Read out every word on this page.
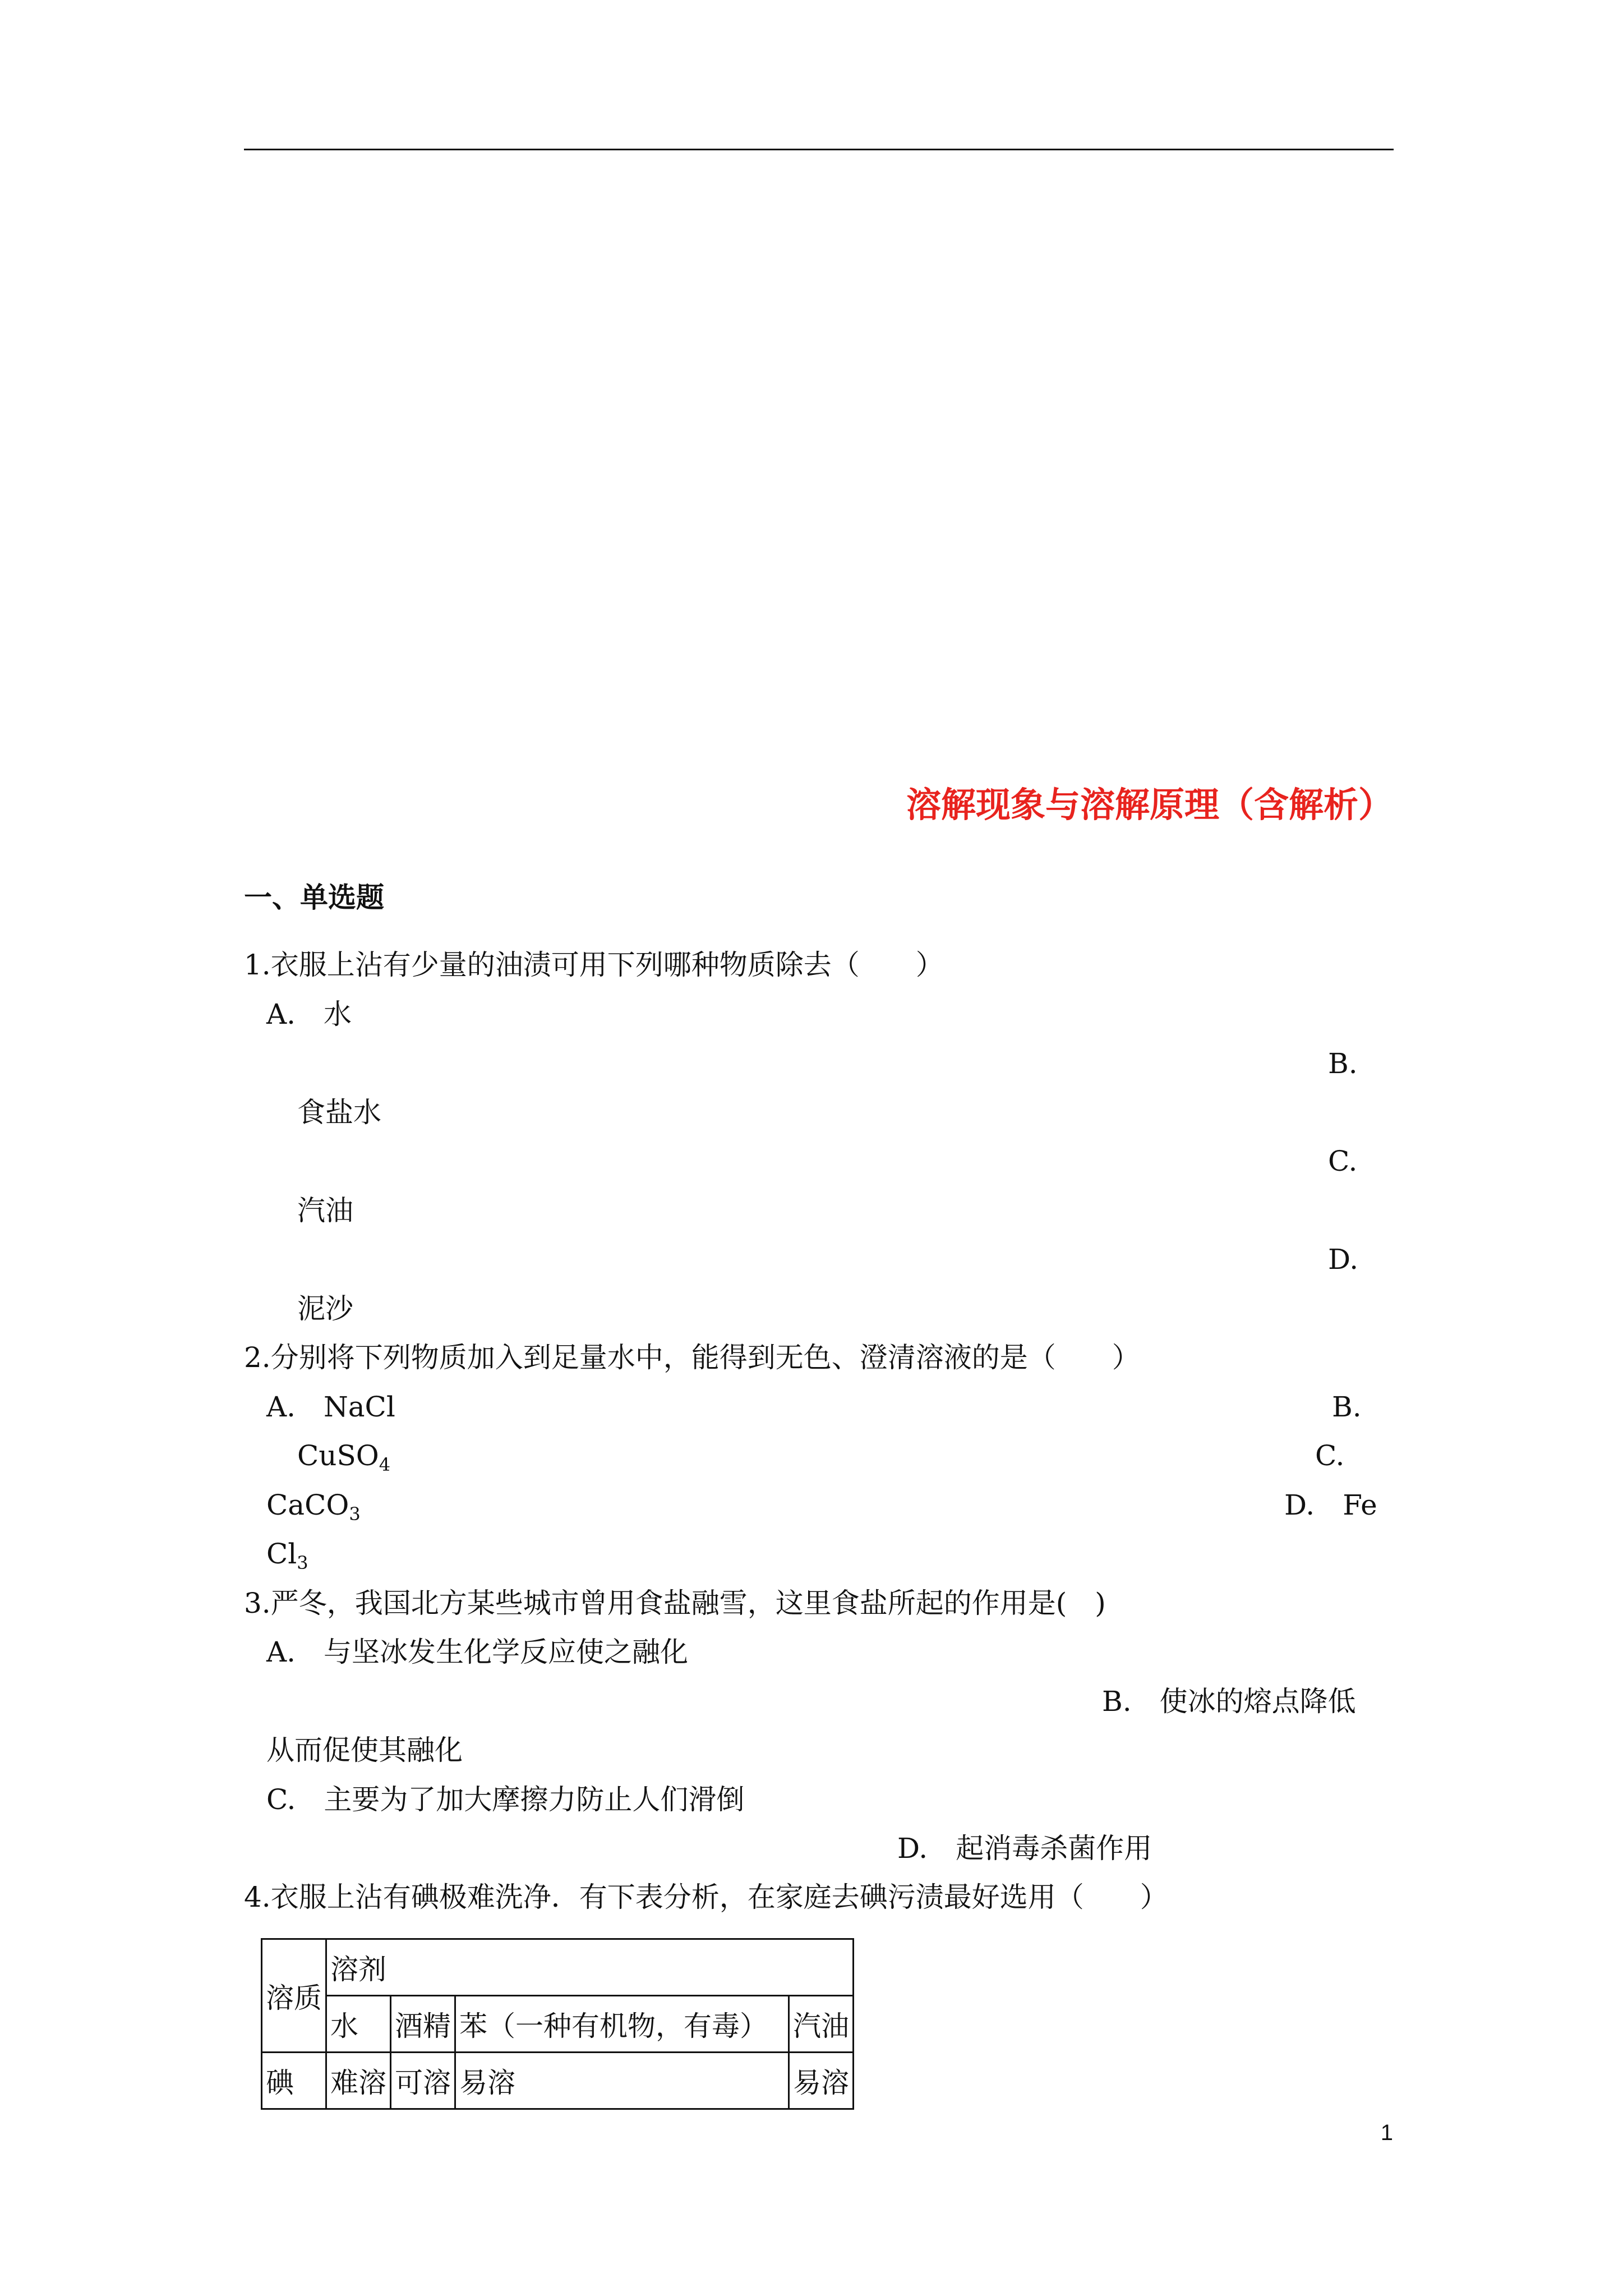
溶解现象与溶解原理（含解析）
一、单选题
1.衣服上沾有少量的油渍可用下列哪种物质除去（　　）
A.　水
B.
食盐水
C.
汽油
D.
泥沙
2.分别将下列物质加入到足量水中，能得到无色、澄清溶液的是（　　）
A.　NaCl	B.
CuSO$_4$	C.
CaCO$_3$	D.　Fe
$Cl_3$
3.严冬，我国北方某些城市曾用食盐融雪，这里食盐所起的作用是(　)
A.　与坚冰发生化学反应使之融化
B.　使冰的熔点降低
从而促使其融化
C.　主要为了加大摩擦力防止人们滑倒
D.　起消毒杀菌作用
4.衣服上沾有碘极难洗净．有下表分析，在家庭去碘污渍最好选用（　　）
溶质	溶剂			
	水	酒精	苯（一种有机物，有毒）	汽油
碘	难溶	可溶	易溶	易溶
1
